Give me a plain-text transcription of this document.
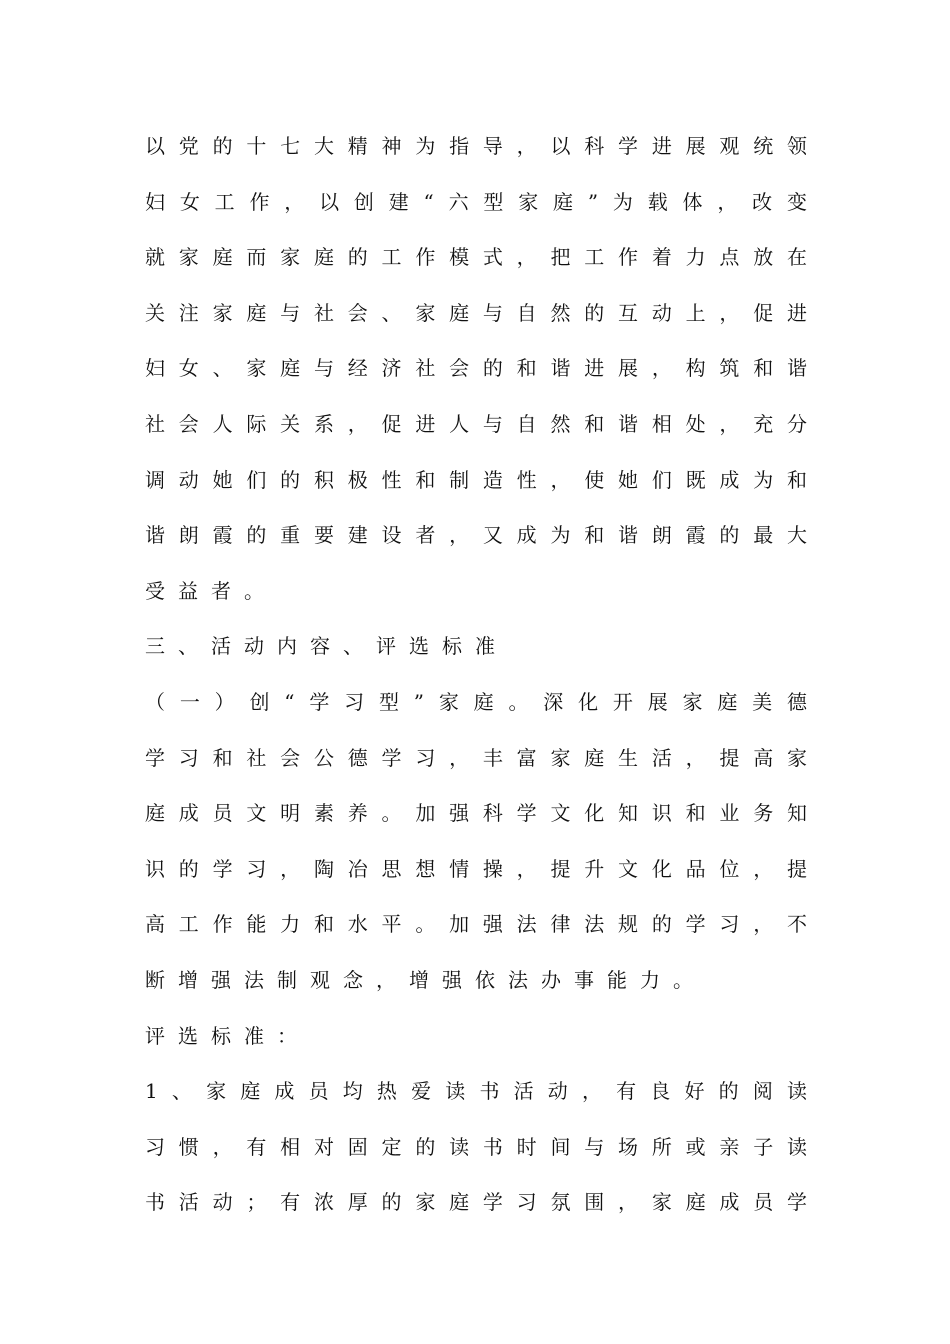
以​党​的​十​七​大​精​神​为​指​导​，​以​科​学​进​展​观​统​领
妇​女​工​作​，​以​创​建​“​六​型​家​庭​”​为​载​体​，​改​变
就​家​庭​而​家​庭​的​工​作​模​式​，​把​工​作​着​力​点​放​在
关​注​家​庭​与​社​会​、​家​庭​与​自​然​的​互​动​上​，​促​进
妇​女​、​家​庭​与​经​济​社​会​的​和​谐​进​展​，​构​筑​和​谐
社​会​人​际​关​系​，​促​进​人​与​自​然​和​谐​相​处​，​充​分
调​动​她​们​的​积​极​性​和​制​造​性​，​使​她​们​既​成​为​和
谐​朗​霞​的​重​要​建​设​者​，​又​成​为​和​谐​朗​霞​的​最​大
受益者。
三、活动内容、评选标准
（​一​）​创​“​学​习​型​”​家​庭​。​深​化​开​展​家​庭​美​德
学​习​和​社​会​公​德​学​习​，​丰​富​家​庭​生​活​，​提​高​家
庭​成​员​文​明​素​养​。​加​强​科​学​文​化​知​识​和​业​务​知
识​的​学​习​，​陶​冶​思​想​情​操​，​提​升​文​化​品​位​，​提
高​工​作​能​力​和​水​平​。​加​强​法​律​法​规​的​学​习​，​不
断增强法制观念，增强依法办事能力。
评选标准：
1​、​家​庭​成​员​均​热​爱​读​书​活​动​，​有​良​好​的​阅​读
习​惯​，​有​相​对​固​定​的​读​书​时​间​与​场​所​或​亲​子​读
书​活​动​；​有​浓​厚​的​家​庭​学​习​氛​围​，​家​庭​成​员​学
